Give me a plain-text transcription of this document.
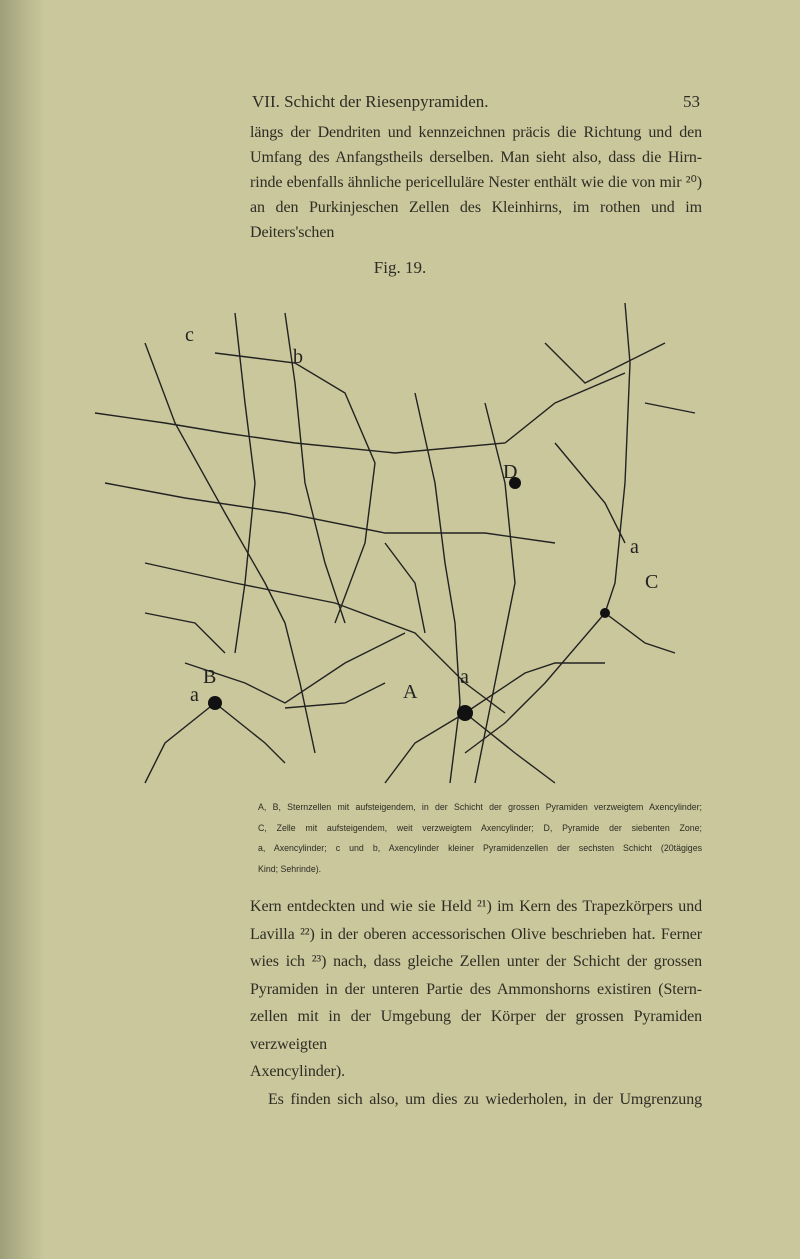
VII. Schicht der Riesenpyramiden.	53
längs der Dendriten und kennzeichnen präcis die Richtung und den
Umfang des Anfangstheils derselben. Man sieht also, dass die Hirn-
rinde ebenfalls ähnliche pericelluläre Nester enthält wie die von mir ²⁰)
an den Purkinjeschen Zellen des Kleinhirns, im rothen und im Deiters'schen
Fig. 19.
A
B
C
D
a
a
a
b
c
A, B, Sternzellen mit aufsteigendem, in der Schicht der grossen Pyramiden verzweigtem Axencylinder;
C, Zelle mit aufsteigendem, weit verzweigtem Axencylinder; D, Pyramide der siebenten Zone;
a, Axencylinder; c und b, Axencylinder kleiner Pyramidenzellen der sechsten Schicht (20tägiges
Kind; Sehrinde).
Kern entdeckten und wie sie Held ²¹) im Kern des Trapezkörpers und
Lavilla ²²) in der oberen accessorischen Olive beschrieben hat. Ferner
wies ich ²³) nach, dass gleiche Zellen unter der Schicht der grossen
Pyramiden in der unteren Partie des Ammonshorns existiren (Stern-
zellen mit in der Umgebung der Körper der grossen Pyramiden verzweigten
Axencylinder).
Es finden sich also, um dies zu wiederholen, in der Umgrenzung
